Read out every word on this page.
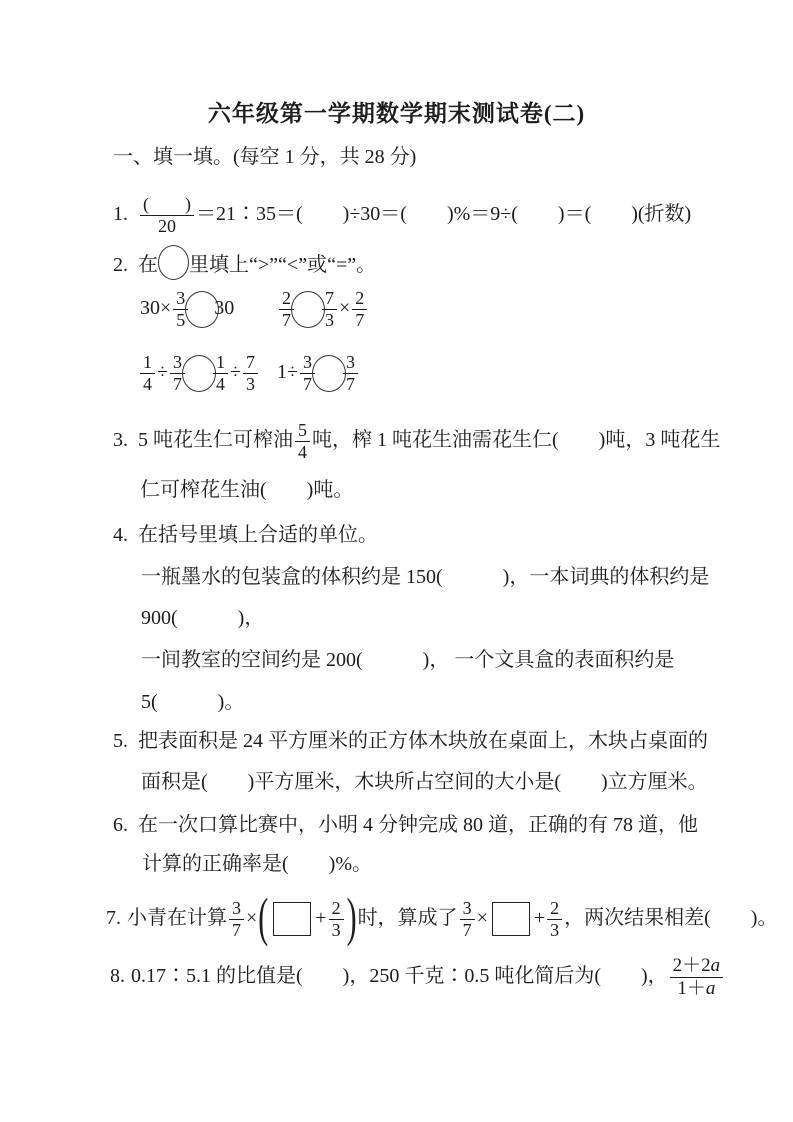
六年级第一学期数学期末测试卷(二)
一、填一填。(每空 1 分，共 28 分)
1. (　　)
20
＝21∶35＝(　　)÷30＝(　　)%＝9÷(　　)＝(　　)(折数)
2. 在 里填上“>”“<”或“=”。
$30\times \frac{3}{5} 30 \frac{2}{7} \frac{7}{3} \times \frac{2}{7}$
$\frac{1}{4} \div \frac{3}{7} \frac{1}{4} \div \frac{7}{3} 1\div \frac{3}{7} \frac{3}{7}$
3. 5 吨花生仁可榨油 $\frac{5}{4}$ 吨，榨 1 吨花生油需花生仁(　　)吨，3 吨花生
仁可榨花生油(　　)吨。
4. 在括号里填上合适的单位。
一瓶墨水的包装盒的体积约是 150(　　　)，一本词典的体积约是
900(　　　)，
一间教室的空间约是 200(　　　)， 一个文具盒的表面积约是
5(　　　)。
5. 把表面积是 24 平方厘米的正方体木块放在桌面上，木块占桌面的
面积是(　　)平方厘米，木块所占空间的大小是(　　)立方厘米。
6. 在一次口算比赛中，小明 4 分钟完成 80 道，正确的有 78 道，他
计算的正确率是(　　)%。
7. 小青在计算 $\frac{3}{7}$ ×( + $\frac{2}{3}$ )时，算成了 $\frac{3}{7}$ × + $\frac{2}{3}$ ，两次结果相差(　　)。
8. 0.17∶5.1 的比值是(　　)，250 千克∶0.5 吨化简后为(　　)， $\frac{2+2a}{1+a}$
